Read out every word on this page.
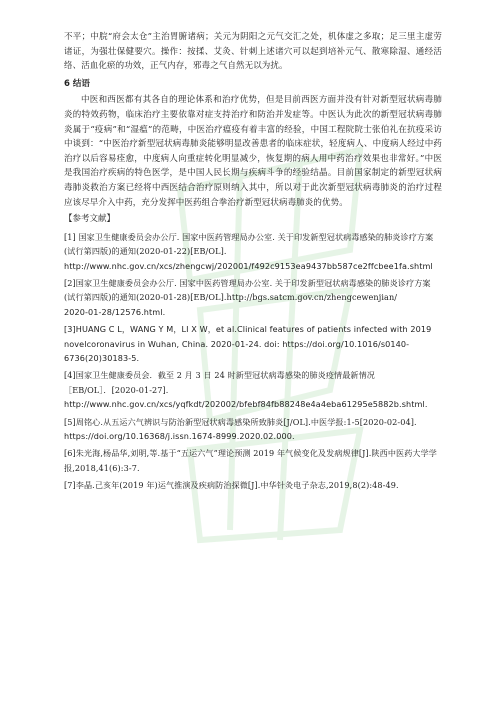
不平；中脘“府会太仓”主治胃腑诸病；关元为阴阳之元气交汇之处，机体虚之多取；足三里主虚劳诸证，为强壮保健要穴。操作：按揉、艾灸、针刺上述诸穴可以起到培补元气、散寒除湿、通经活络、活血化瘀的功效，正气内存，邪毒之气自然无以为扰。

6 结语

中医和西医都有其各自的理论体系和治疗优势，但是目前西医方面并没有针对新型冠状病毒肺炎的特效药物，临床治疗主要依靠对症支持治疗和防治并发症等。中医认为此次的新型冠状病毒肺炎属于“疫病”和“湿瘟”的范畴，中医治疗瘟疫有着丰富的经验，中国工程院院士张伯礼在抗疫采访中谈到：“中医治疗新型冠状病毒肺炎能够明显改善患者的临床症状，轻度病人、中度病人经过中药治疗以后容易痊愈，中度病人向重症转化明显减少，恢复期的病人用中药治疗效果也非常好。”中医是我国治疗疾病的特色医学，是中国人民长期与疾病斗争的经验结晶。目前国家制定的新型冠状病毒肺炎救治方案已经将中西医结合治疗原则纳入其中，所以对于此次新型冠状病毒肺炎的治疗过程应该尽早介入中药，充分发挥中医药组合拳治疗新型冠状病毒肺炎的优势。

【参考文献】

[1] 国家卫生健康委员会办公厅. 国家中医药管理局办公室. 关于印发新型冠状病毒感染的肺炎诊疗方案(试行第四版)的通知(2020-01-22)[EB/OL].

http://www.nhc.gov.cn/xcs/zhengcwj/202001/f492c9153ea9437bb587ce2ffcbee1fa.shtml

[2]国家卫生健康委员会办公厅. 国家中医药管理局办公室. 关于印发新型冠状病毒感染的肺炎诊疗方案(试行第四版)的通知(2020-01-28)[EB/OL].http://bgs.satcm.gov.cn/zhengcewenjian/

2020-01-28/12576.html.

[3]HUANG C L，WANG Y M，LI X W，et al.Clinical features of patients infected with 2019 novelcoronavirus in Wuhan, China. 2020-01-24. doi: https://doi.org/10.1016/s0140-6736(20)30183-5.

[4]国家卫生健康委员会．截至 2 月 3 日 24 时新型冠状病毒感染的肺炎疫情最新情况

［EB/OL］．[2020-01-27].

http://www.nhc.gov.cn/xcs/yqfkdt/202002/bfebf84fb88248e4a4eba61295e5882b.shtml.

[5]周铭心.从五运六气辨识与防治新型冠状病毒感染所致肺炎[J/OL].中医学报:1-5[2020-02-04].

https://doi.org/10.16368/j.issn.1674-8999.2020.02.000.

[6]朱光海,杨品华,刘明,等.基于“五运六气”理论预测 2019 年气候变化及发病规律[J].陕西中医药大学学报,2018,41(6):3-7.

[7]李晶.己亥年(2019 年)运气推演及疾病防治探微[J].中华针灸电子杂志,2019,8(2):48-49.
